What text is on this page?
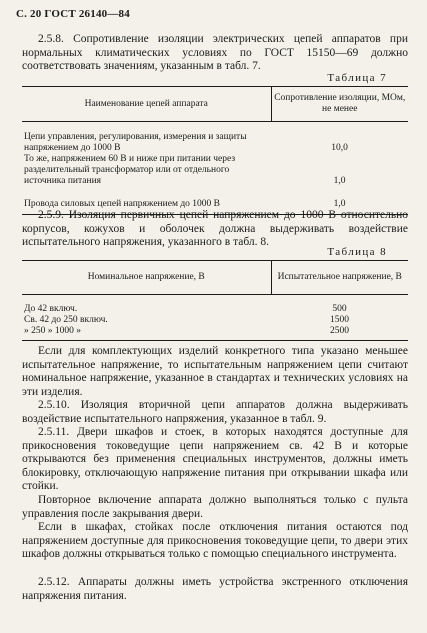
С. 20 ГОСТ 26140—84

2.5.8. Сопротивление изоляции электрических цепей аппаратов при нормальных климатических условиях по ГОСТ 15150—69 должно соответствовать значениям, указанным в табл. 7.

Таблица 7
Наименование цепей аппарата	Сопротивление изоляции, МОм, не менее
Цепи управления, регулирования, измерения и защиты напряжением до 1000 В	10,0
То же, напряжением 60 В и ниже при питании через разделительный трансформатор или от отдельного источника питания	1,0
Провода силовых цепей напряжением до 1000 В	1,0

2.5.9. Изоляция первичных цепей напряжением до 1000 В относительно корпусов, кожухов и оболочек должна выдерживать воздействие испытательного напряжения, указанного в табл. 8.

Таблица 8
Номинальное напряжение, В	Испытательное напряжение, В
До 42 включ.	500
Св. 42 до 250 включ.	1500
» 250 » 1000 »	2500

Если для комплектующих изделий конкретного типа указано меньшее испытательное напряжение, то испытательным напряжением цепи считают номинальное напряжение, указанное в стандартах и технических условиях на эти изделия.

2.5.10. Изоляция вторичной цепи аппаратов должна выдерживать воздействие испытательного напряжения, указанное в табл. 9.

2.5.11. Двери шкафов и стоек, в которых находятся доступные для прикосновения токоведущие цепи напряжением св. 42 В и которые открываются без применения специальных инструментов, должны иметь блокировку, отключающую напряжение питания при открывании шкафа или стойки.

Повторное включение аппарата должно выполняться только с пульта управления после закрывания двери.

Если в шкафах, стойках после отключения питания остаются под напряжением доступные для прикосновения токоведущие цепи, то двери этих шкафов должны открываться только с помощью специального инструмента.

2.5.12. Аппараты должны иметь устройства экстренного отключения напряжения питания.
